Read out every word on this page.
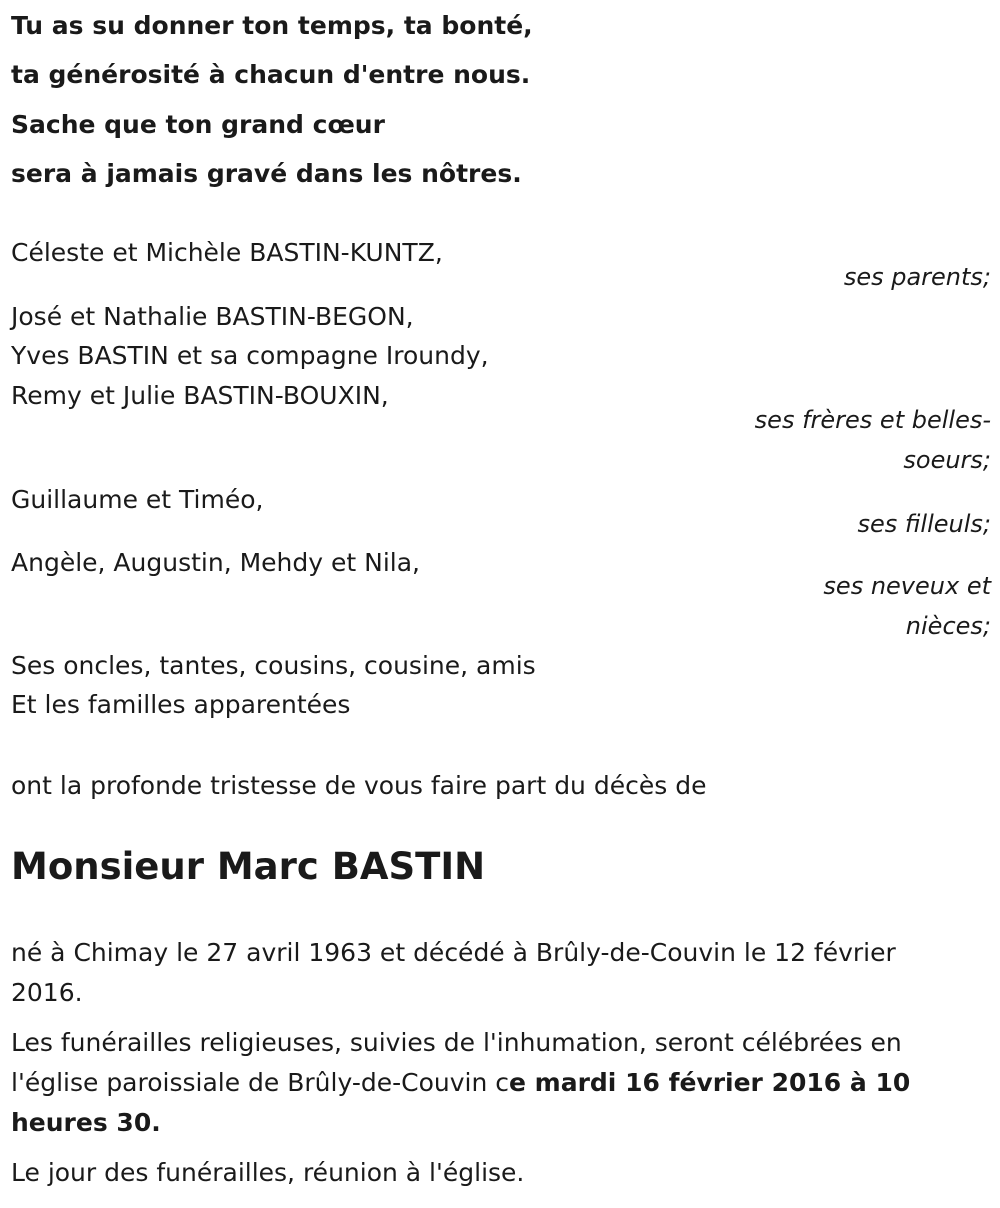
Tu as su donner ton temps, ta bonté,
ta générosité à chacun d'entre nous.
Sache que ton grand cœur
sera à jamais gravé dans les nôtres.
Céleste et Michèle BASTIN-KUNTZ,
ses parents;
José et Nathalie BASTIN-BEGON,
Yves BASTIN et sa compagne Iroundy,
Remy et Julie BASTIN-BOUXIN,
ses frères et belles-
soeurs;
Guillaume et Timéo,
ses filleuls;
Angèle, Augustin, Mehdy et Nila,
ses neveux et
nièces;
Ses oncles, tantes, cousins, cousine, amis
Et les familles apparentées
ont la profonde tristesse de vous faire part du décès de
Monsieur Marc BASTIN
né à Chimay le 27 avril 1963 et décédé à Brûly-de-Couvin le 12 février 2016.
Les funérailles religieuses, suivies de l'inhumation, seront célébrées en l'église paroissiale de Brûly-de-Couvin ce mardi 16 février 2016 à 10 heures 30.
Le jour des funérailles, réunion à l'église.
